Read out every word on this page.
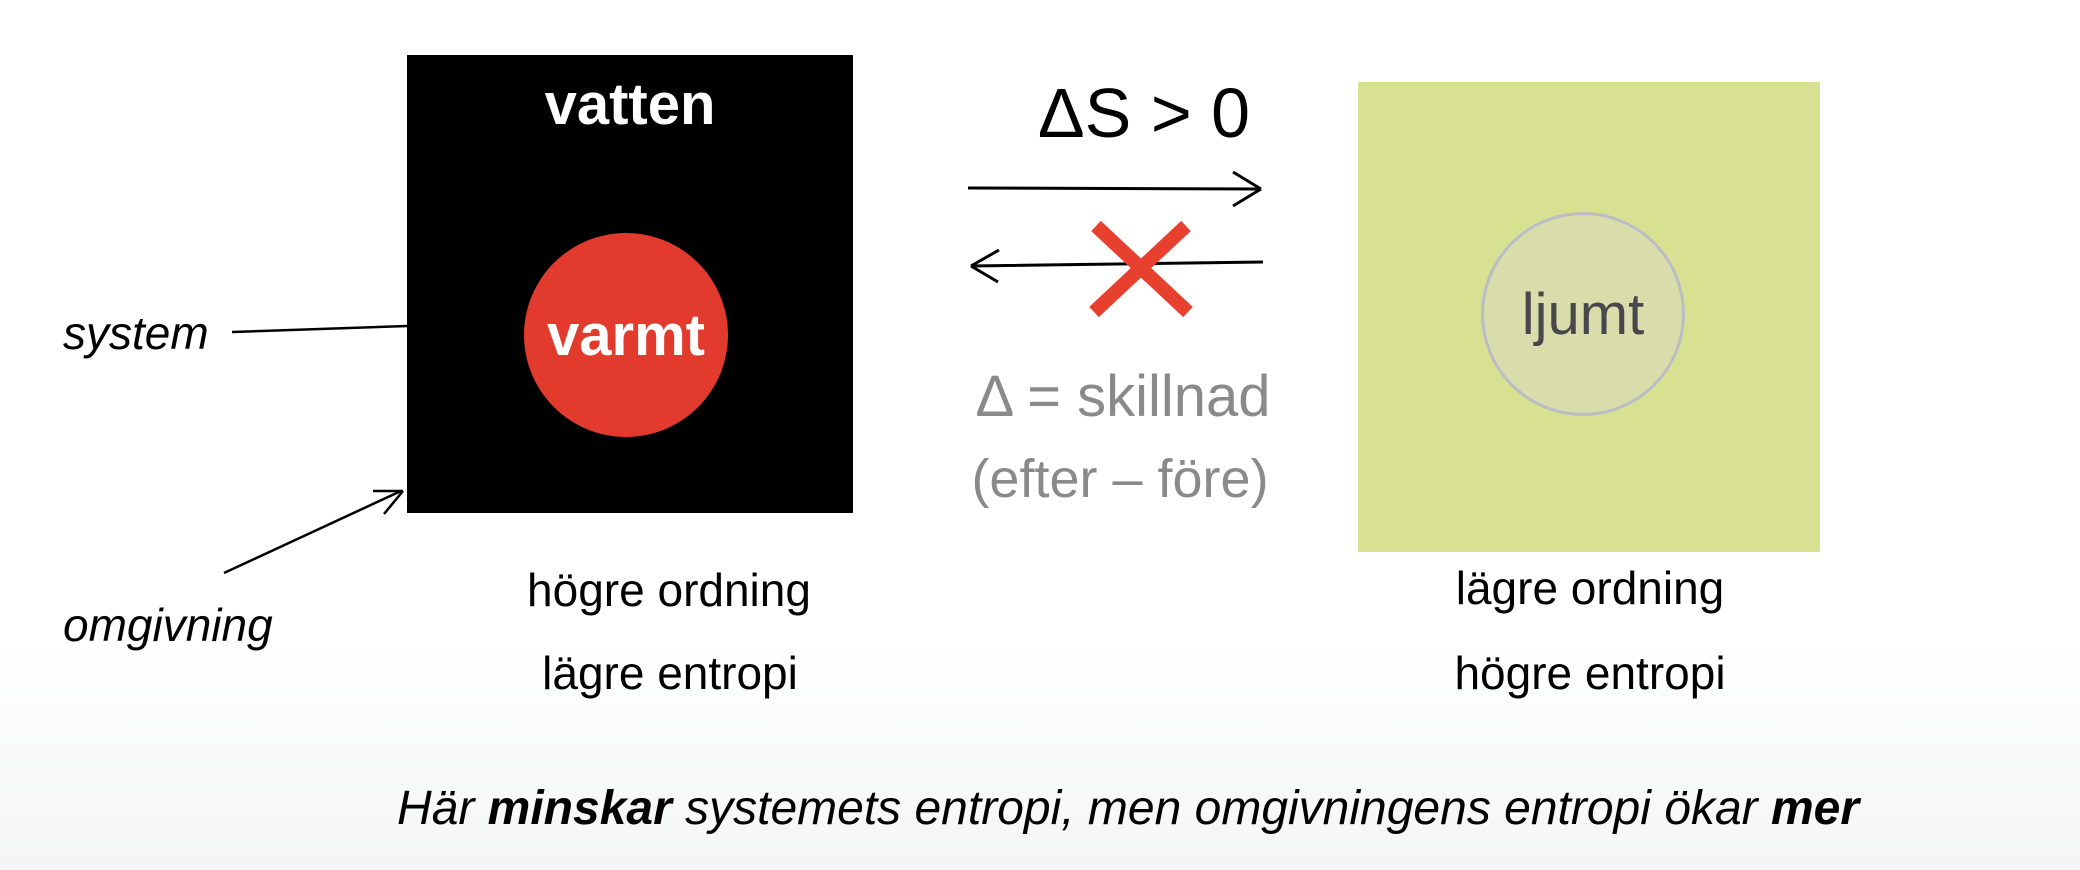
vatten
varmt	ljumt
system
omgivning
ΔS > 0
Δ = skillnad
(efter – före)
högre ordning
lägre entropi
lägre ordning
högre entropi

Här minskar systemets entropi, men omgivningens entropi ökar mer
